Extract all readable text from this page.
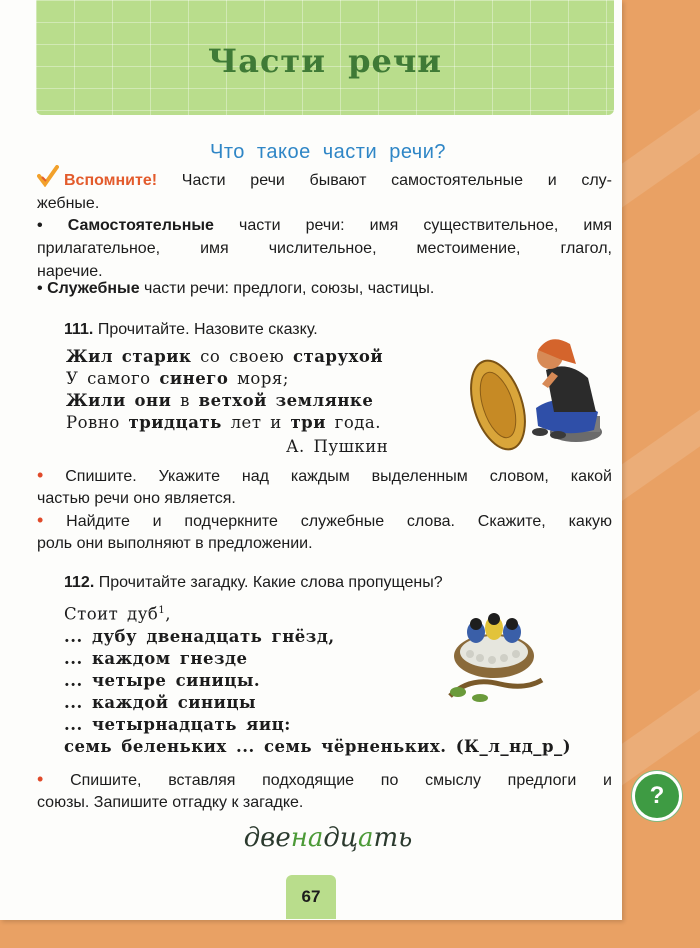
Части речи
Что такое части речи?
Вспомните! Части речи бывают самостоятельные и слу-
жебные.
• Самостоятельные части речи: имя существительное, имя
прилагательное, имя числительное, местоимение, глагол,
наречие.
• Служебные части речи: предлоги, союзы, частицы.
111. Прочитайте. Назовите сказку.
Жил старик со своею старухой
У самого синего моря;
Жили они в ветхой землянке
Ровно тридцать лет и три года.
А. Пушкин
• Спишите. Укажите над каждым выделенным словом, какой
частью речи оно является.
• Найдите и подчеркните служебные слова. Скажите, какую
роль они выполняют в предложении.
112. Прочитайте загадку. Какие слова пропущены?
Стоит дуб$^1$,
... дубу двенадцать гнёзд,
... каждом гнезде
... четыре синицы.
... каждой синицы
... четырнадцать яиц:
семь беленьких ... семь чёрненьких. (К_л_нд_р_)
• Спишите, вставляя подходящие по смыслу предлоги и
союзы. Запишите отгадку к загадке.
двенадцать
67
?
